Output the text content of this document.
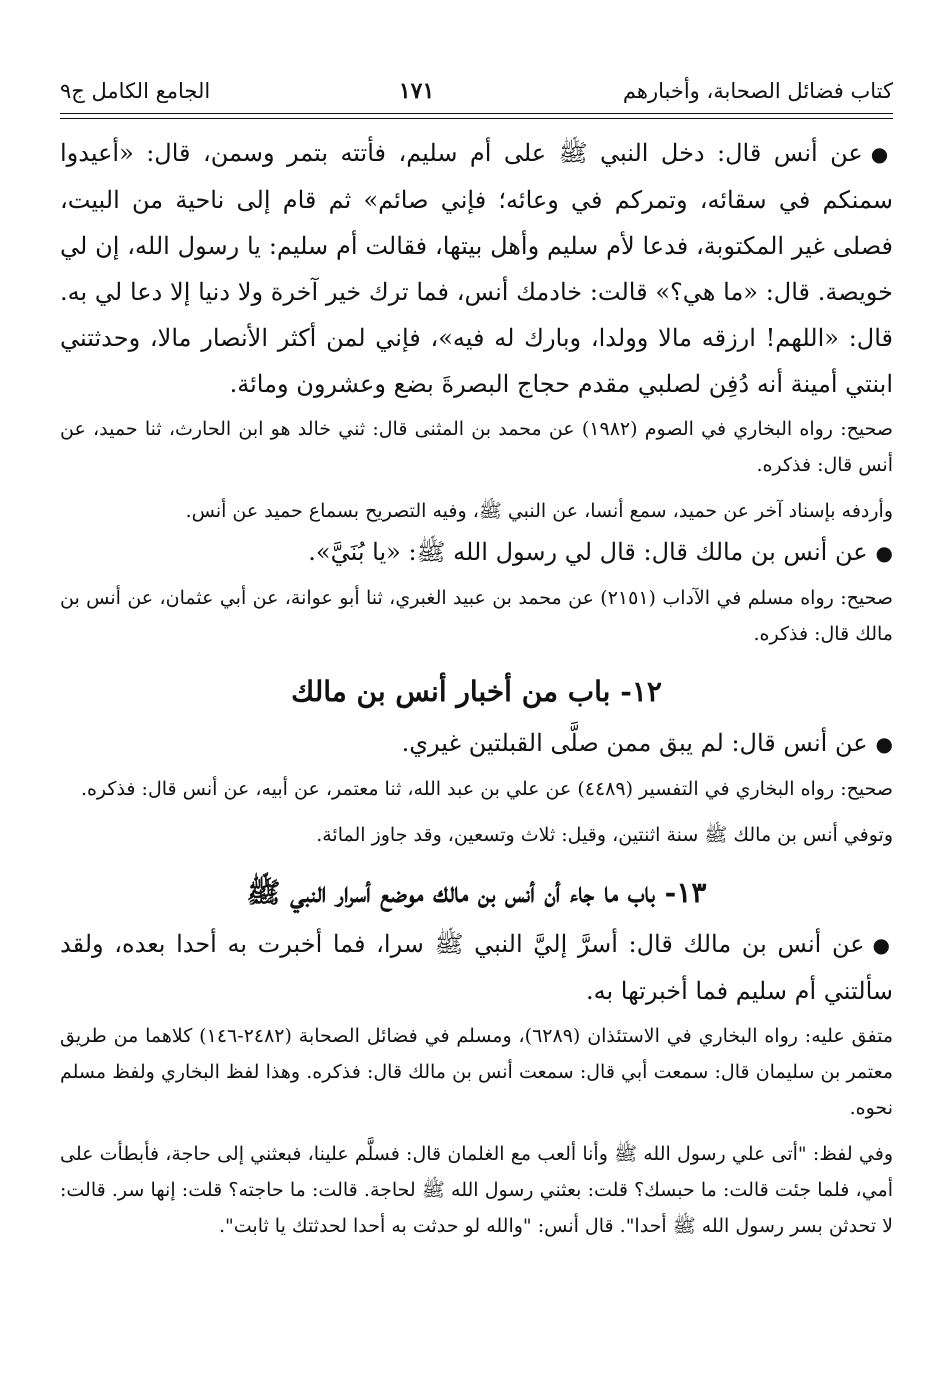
كتاب فضائل الصحابة، وأخبارهم
١٧١
الجامع الكامل ج٩

●عن أنس قال: دخل النبي ﷺ على أم سليم، فأتته بتمر وسمن، قال: «أعيدوا سمنكم في سقائه، وتمركم في وعائه؛ فإني صائم» ثم قام إلى ناحية من البيت، فصلى غير المكتوبة، فدعا لأم سليم وأهل بيتها، فقالت أم سليم: يا رسول الله، إن لي خويصة. قال: «ما هي؟» قالت: خادمك أنس، فما ترك خير آخرة ولا دنيا إلا دعا لي به. قال: «اللهم! ارزقه مالا وولدا، وبارك له فيه»، فإني لمن أكثر الأنصار مالا، وحدثتني ابنتي أمينة أنه دُفِن لصلبي مقدم حجاج البصرةَ بضع وعشرون ومائة.

صحيح: رواه البخاري في الصوم (١٩٨٢) عن محمد بن المثنى قال: ثني خالد هو ابن الحارث، ثنا حميد، عن أنس قال: فذكره.

وأردفه بإسناد آخر عن حميد، سمع أنسا، عن النبي ﷺ، وفيه التصريح بسماع حميد عن أنس.

●عن أنس بن مالك قال: قال لي رسول الله ﷺ: «يا بُنَيَّ».

صحيح: رواه مسلم في الآداب (٢١٥١) عن محمد بن عبيد الغبري، ثنا أبو عوانة، عن أبي عثمان، عن أنس بن مالك قال: فذكره.

١٢- باب من أخبار أنس بن مالك

●عن أنس قال: لم يبق ممن صلَّى القبلتين غيري.

صحيح: رواه البخاري في التفسير (٤٤٨٩) عن علي بن عبد الله، ثنا معتمر، عن أبيه، عن أنس قال: فذكره.

وتوفي أنس بن مالك ﷺ سنة اثنتين، وقيل: ثلاث وتسعين، وقد جاوز المائة.

١٣- باب ما جاء أن أنس بن مالك موضع أسرار النبي ﷺ

●عن أنس بن مالك قال: أسرَّ إليَّ النبي ﷺ سرا، فما أخبرت به أحدا بعده، ولقد سألتني أم سليم فما أخبرتها به.

متفق عليه: رواه البخاري في الاستئذان (٦٢٨٩)، ومسلم في فضائل الصحابة (٢٤٨٢-١٤٦) كلاهما من طريق معتمر بن سليمان قال: سمعت أبي قال: سمعت أنس بن مالك قال: فذكره. وهذا لفظ البخاري ولفظ مسلم نحوه.

وفي لفظ: "أتى علي رسول الله ﷺ وأنا ألعب مع الغلمان قال: فسلَّم علينا، فبعثني إلى حاجة، فأبطأت على أمي، فلما جئت قالت: ما حبسك؟ قلت: بعثني رسول الله ﷺ لحاجة. قالت: ما حاجته؟ قلت: إنها سر. قالت: لا تحدثن بسر رسول الله ﷺ أحدا". قال أنس: "والله لو حدثت به أحدا لحدثتك يا ثابت".
